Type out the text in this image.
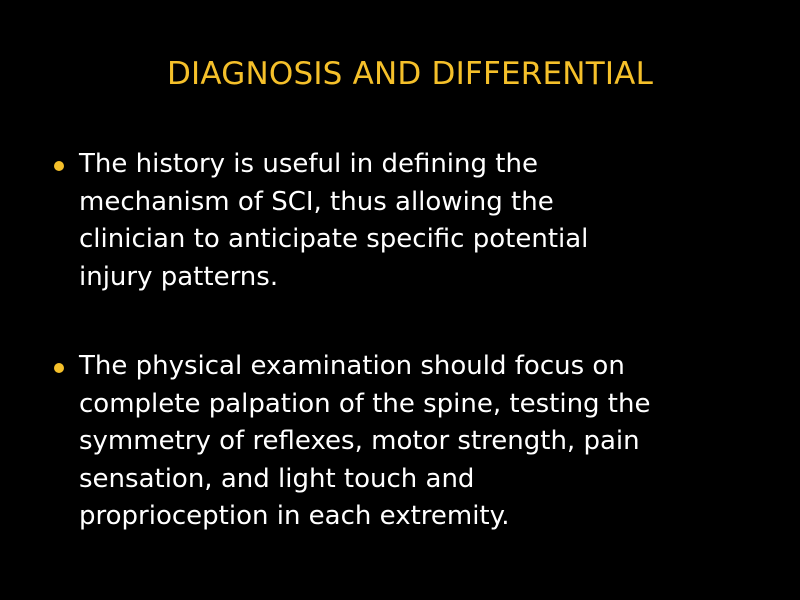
DIAGNOSIS AND DIFFERENTIAL
The history is useful in defining the
mechanism of SCI, thus allowing the
clinician to anticipate specific potential
injury patterns.
The physical examination should focus on
complete palpation of the spine, testing the
symmetry of reflexes, motor strength, pain
sensation, and light touch and
proprioception in each extremity.
